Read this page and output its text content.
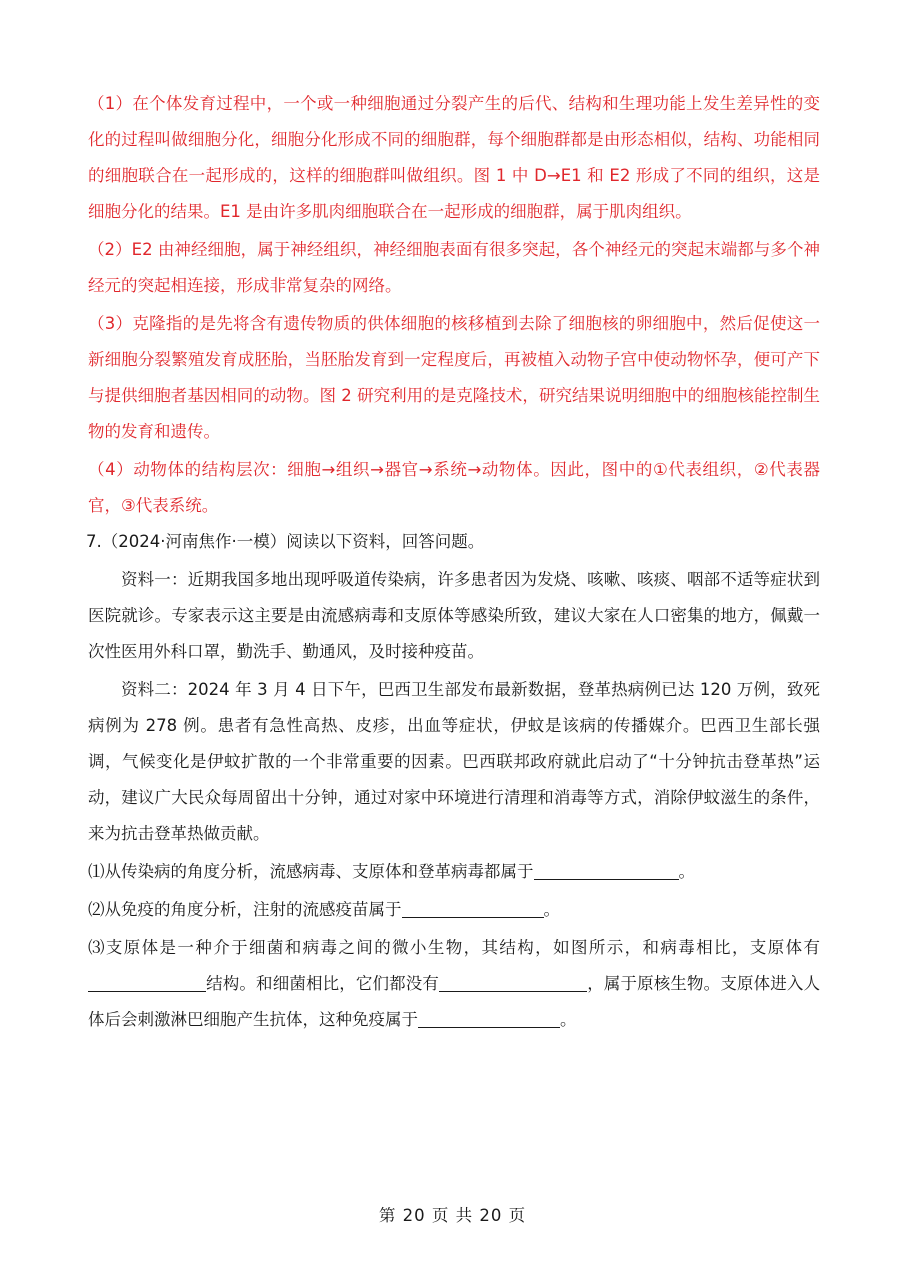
（1）在个体发育过程中，一个或一种细胞通过分裂产生的后代、结构和生理功能上发生差异性的变化的过程叫做细胞分化，细胞分化形成不同的细胞群，每个细胞群都是由形态相似，结构、功能相同的细胞联合在一起形成的，这样的细胞群叫做组织。图 1 中 D→E1 和 E2 形成了不同的组织，这是细胞分化的结果。E1 是由许多肌肉细胞联合在一起形成的细胞群，属于肌肉组织。

（2）E2 由神经细胞，属于神经组织，神经细胞表面有很多突起，各个神经元的突起末端都与多个神经元的突起相连接，形成非常复杂的网络。

（3）克隆指的是先将含有遗传物质的供体细胞的核移植到去除了细胞核的卵细胞中，然后促使这一新细胞分裂繁殖发育成胚胎，当胚胎发育到一定程度后，再被植入动物子宫中使动物怀孕，便可产下与提供细胞者基因相同的动物。图 2 研究利用的是克隆技术，研究结果说明细胞中的细胞核能控制生物的发育和遗传。

（4）动物体的结构层次：细胞→组织→器官→系统→动物体。因此，图中的①代表组织，②代表器官，③代表系统。

7.（2024·河南焦作·一模）阅读以下资料，回答问题。

资料一：近期我国多地出现呼吸道传染病，许多患者因为发烧、咳嗽、咳痰、咽部不适等症状到医院就诊。专家表示这主要是由流感病毒和支原体等感染所致，建议大家在人口密集的地方，佩戴一次性医用外科口罩，勤洗手、勤通风，及时接种疫苗。

资料二：2024 年 3 月 4 日下午，巴西卫生部发布最新数据，登革热病例已达 120 万例，致死病例为 278 例。患者有急性高热、皮疹，出血等症状，伊蚊是该病的传播媒介。巴西卫生部长强调，气候变化是伊蚊扩散的一个非常重要的因素。巴西联邦政府就此启动了“十分钟抗击登革热”运动，建议广大民众每周留出十分钟，通过对家中环境进行清理和消毒等方式，消除伊蚊滋生的条件，来为抗击登革热做贡献。

⑴从传染病的角度分析，流感病毒、支原体和登革病毒都属于	。

⑵从免疫的角度分析，注射的流感疫苗属于	。

⑶支原体是一种介于细菌和病毒之间的微小生物，其结构，如图所示，和病毒相比，支原体有结构。和细菌相比，它们都没有	，属于原核生物。支原体进入人体后会刺激淋巴细胞产生抗体，这种免疫属于	。

第 20 页 共 20 页
